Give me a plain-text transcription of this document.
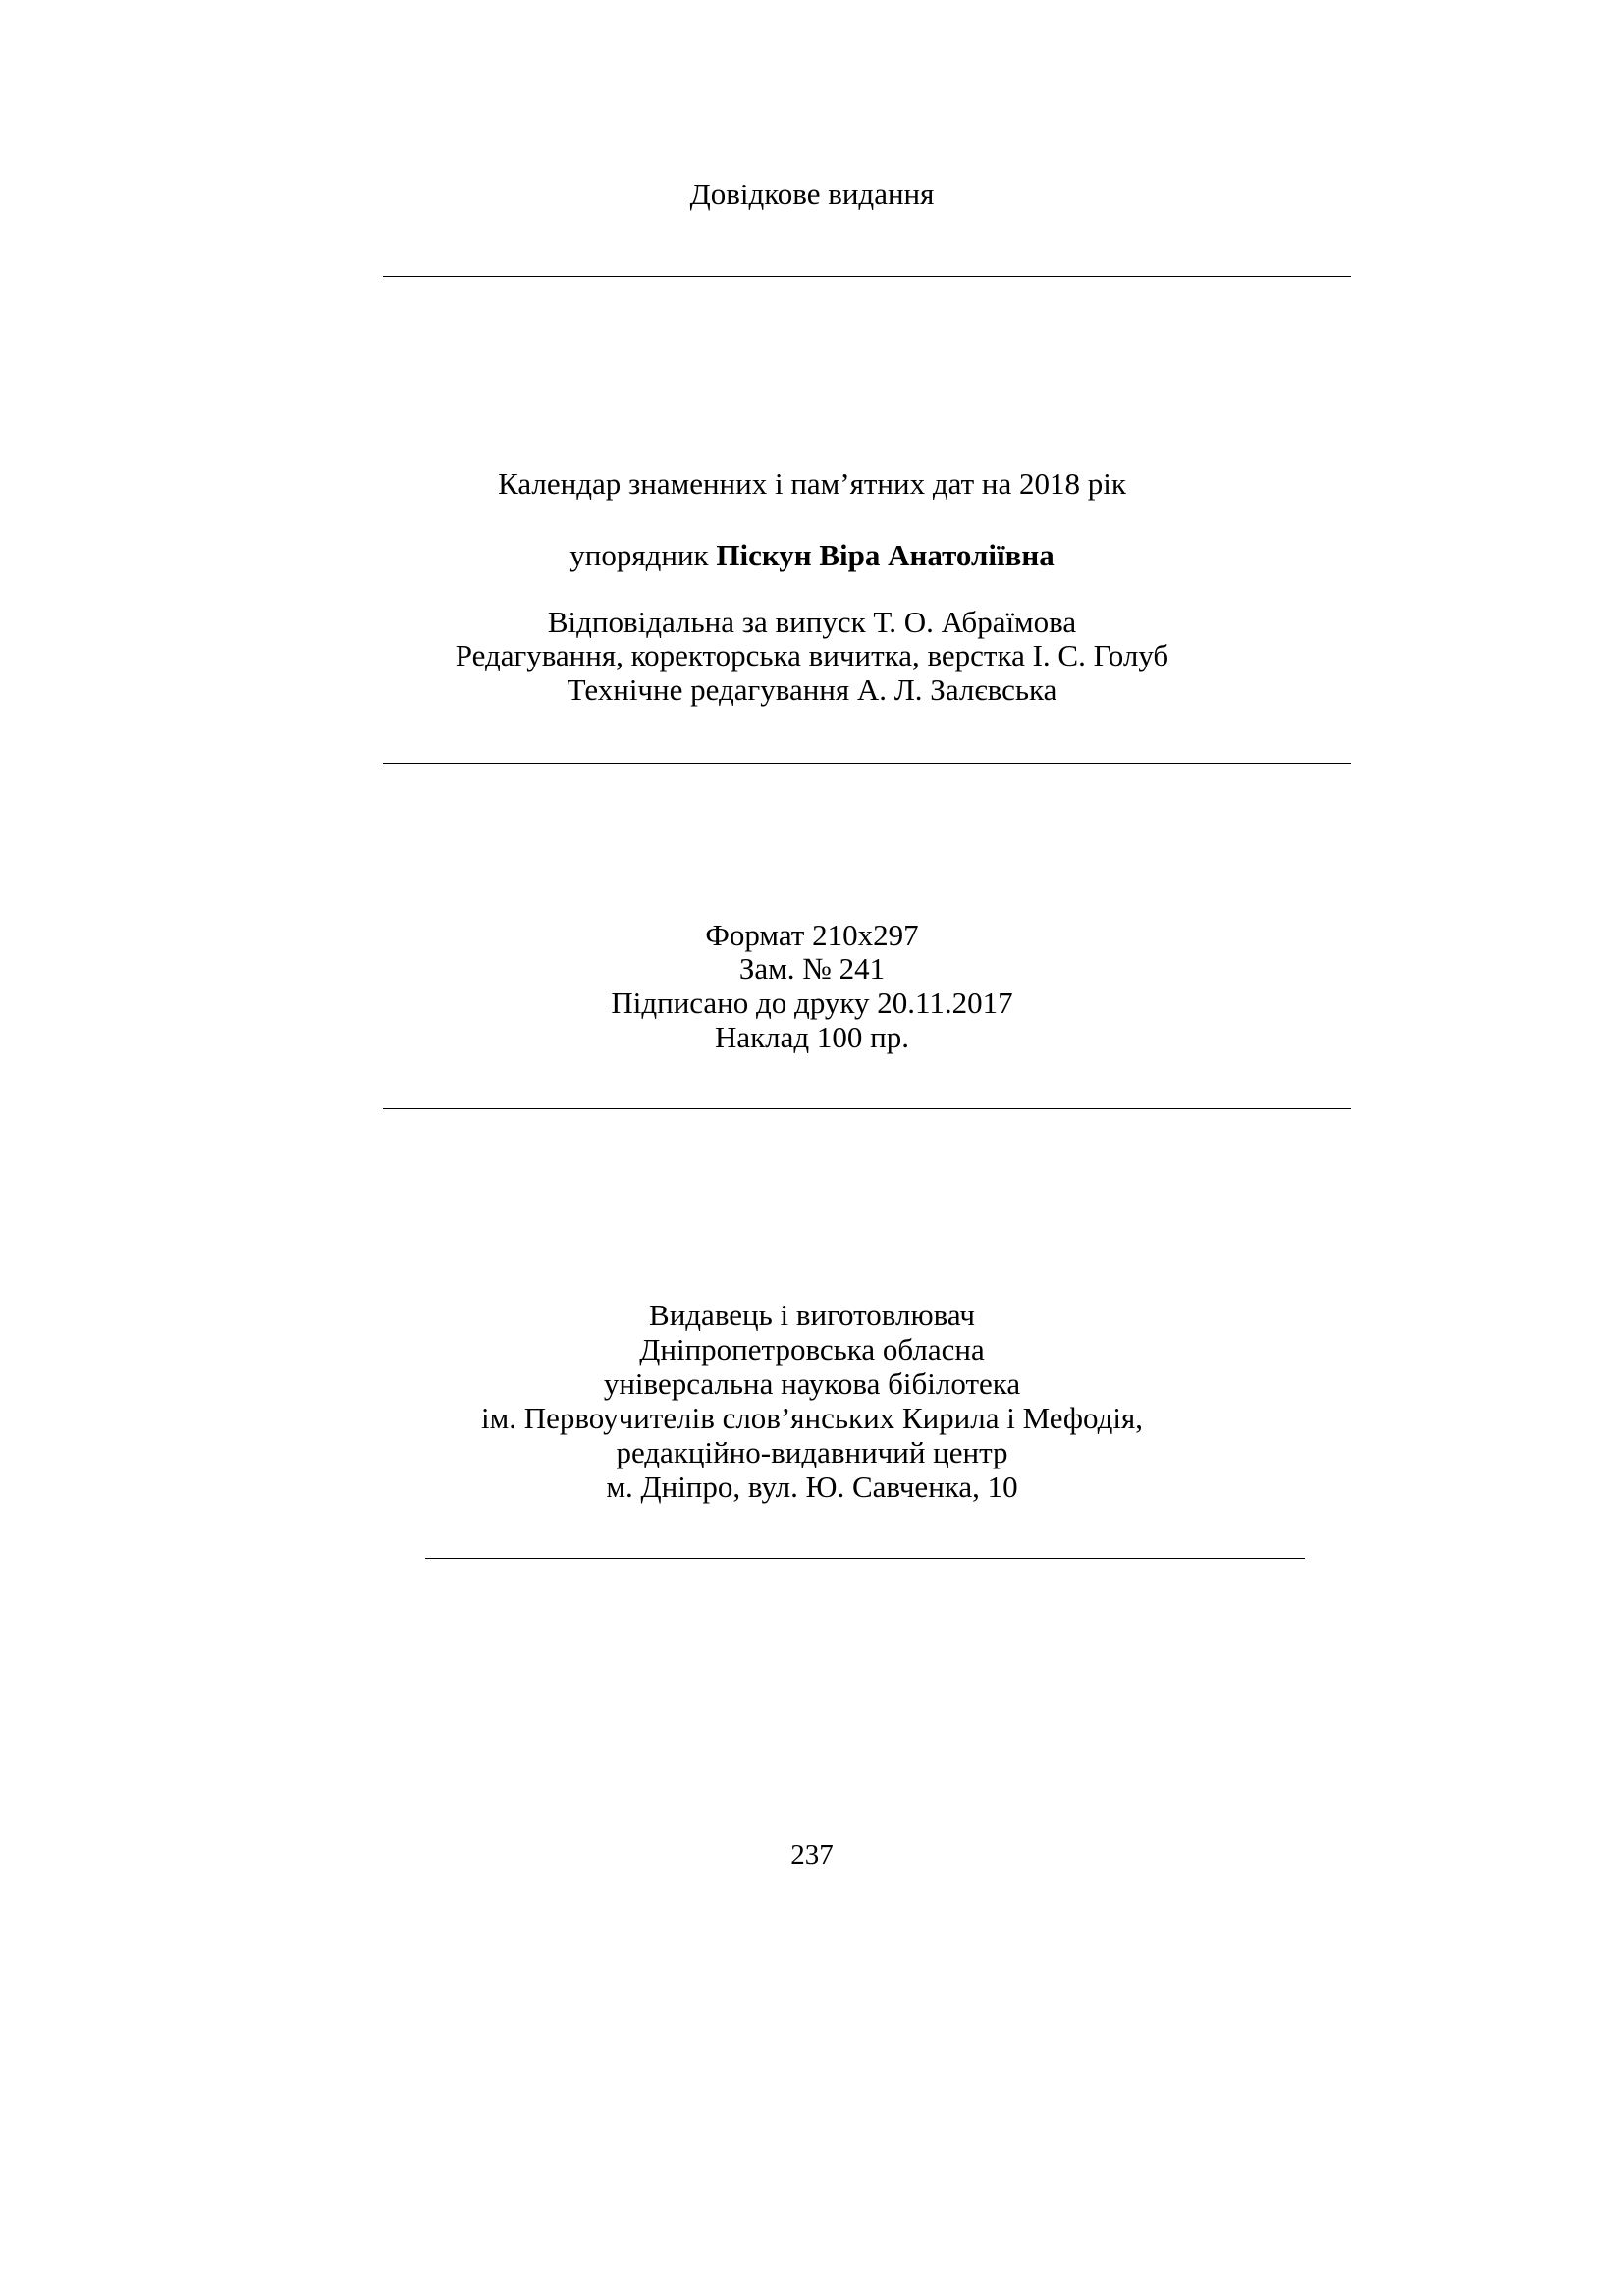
Довідкове видання
Календар знаменних і пам’ятних дат на 2018 рік
упорядник Піскун Віра Анатоліївна
Відповідальна за випуск Т. О. Абраїмова
Редагування, коректорська вичитка, верстка І. С. Голуб
Технічне редагування А. Л. Залєвська
Формат 210х297
Зам. № 241
Підписано до друку 20.11.2017
Наклад 100 пр.
Видавець і виготовлювач
Дніпропетровська обласна
універсальна наукова бібілотека
ім. Первоучителів слов’янських Кирила і Мефодія,
редакційно-видавничий центр
м. Дніпро, вул. Ю. Савченка, 10
237
